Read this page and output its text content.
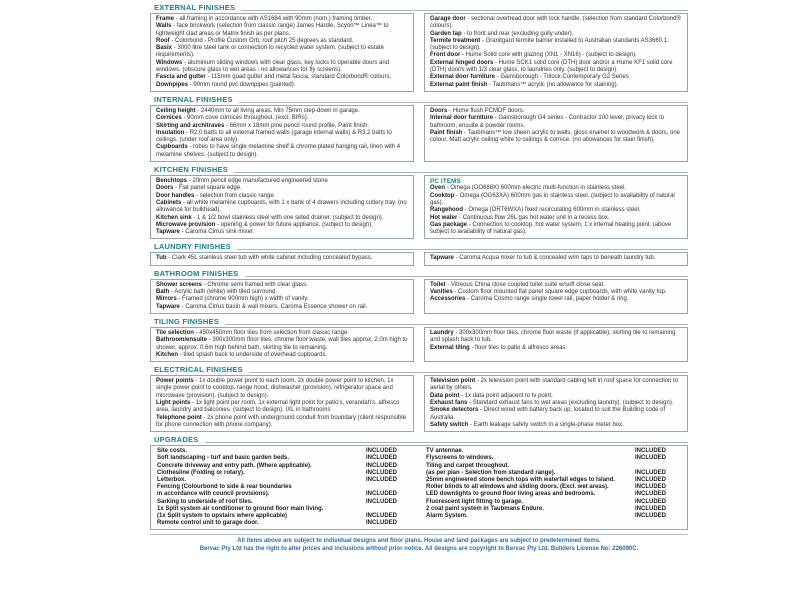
EXTERNAL FINISHES

Frame - all framing in accordance with AS1684 with 90mm (nom.) framing timber.

Walls - face brickwork (selection from classic range) James Hardie, Scyon™ Linea™ to lightweight clad areas or Matrix finish as per plans.

Roof - Colorbond - Profile Custom Orb, roof pitch 25 degrees as standard.

Basix - 3000 litre steel tank or connection to recycled water system. (subject to estate requirements).

Windows - aluminium sliding windows with clear glass, key locks to operable doors and windows. (obscure glass to wet areas - no allowances for fly screens).

Fascia and gutter - 115mm quad gutter and metal fascia, standard Colorbond® colours.

Downpipes - 90mm round pvc downpipes (painted).

Garage door - sectional overhead door with lock handle. (selection from standard Colorbond® colours).

Garden tap - to front and rear (excluding gully under).

Termite treatment - Granitgard termite barrier installed to Australian standards AS3660.1. (subject to design).

Front door - Hume Solid core with glazing (XN1 - XN16) - (subject to design).

External hinged doors - Hume SCK1 solid core (DTH) door and/or a Hume KF1 solid core (DTH) door/s with 1/3 clear glass, to laundries only. (subject to design).

External door furniture - Gainsborough - Trilock Contemporary G2 Series

External paint finish - Taubmans™ acrylic (no allowance for staining).

INTERNAL FINISHES

Ceiling height - 2440mm to all living areas. Min 75mm step-down in garage.

Cornices - 90mm cove cornices throughout. (excl. BIRs).

Skirting and architraves - 66mm x 18mm pine pencil round profile, Paint finish.

Insulation - R2.0 batts to all external framed walls (garage internal walls) & R3.2 batts to ceilings. (under roof area only).

Cupboards - robes to have single melamine shelf & chrome plated hanging rail, linen with 4 melamine shelves. (subject to design).

Doors - Hume flush PCMDF doors.

Internal door furniture - Gainsborough G4 series - Contractor 100 lever, privacy lock to bathroom, ensuite & powder rooms.

Paint finish - Taubmans™ low sheen acrylic to walls, gloss enamel to woodwork & doors, one colour. Matt acrylic ceiling white to ceilings & cornice. (no allowances for stain finish).

KITCHEN FINISHES

Benchtops - 20mm pencil edge manufactured engineered stone

Doors - Flat panel square edge.

Door handles - selection from classic range.

Cabinets - all white melamine cupboards, with 1 x bank of 4 drawers including cutlery tray. (no allowance for bulkhead).

Kitchen sink - 1 & 1/2 bowl stainless steel with one sided drainer. (subject to design).

Microwave provision - opening & power for future appliance. (subject to design).

Tapware - Caroma Cirrus sink mixer.

PC ITEMS

Oven - Omega (OO686X) 600mm electric multi-function in stainless steel.

Cooktop - Omega (OG63XA) 600mm gas in stainless steel. (subject to availability of natural gas).

Rangehood - Omega (ORT6WXA) fixed recirculating 600mm in stainless steel.

Hot water - Continuous flow 26L gas hot water unit in a recess box.

Gas package - Connection to cooktop, hot water system, 1 x internal heating point. (above subject to availability of natural gas).

LAUNDRY FINISHES

Tub - Clark 45L stainless steel tub with white cabinet including concealed bypass.	Tapware - Caroma Acqua mixer to tub & concealed w/m taps to beneath laundry tub.

BATHROOM FINISHES

Shower screens - Chrome semi framed with clear glass.

Bath - Acrylic bath (white) with tiled surround.

Mirrors - Framed (chrome 900mm high) x width of vanity.

Tapware - Caroma Cirrus basin & wall mixers, Caroma Essence shower on rail.

Toilet - Vitreous China close coupled toilet suite w/soft close seat.

Vanities - Custom floor mounted flat panel square edge cupboards, with white vanity top.

Accessories - Caroma Cosmo range single towel rail, paper holder & ring.

TILING FINISHES

Tile selection - 450x450mm floor tiles from selection from classic range.

Bathroom/ensuite - 300x300mm floor tiles, chrome floor waste, wall tiles approx. 2.0m high to shower, approx. 0.6m high behind bath, skirting tile to remaining.

Kitchen - tiled splash back to underside of overhead cupboards.

Laundry - 300x300mm floor tiles, chrome floor waste (if applicable), skirting tile to remaining and splash back to tub.

External tiling - floor tiles to patio & alfresco areas.

ELECTRICAL FINISHES

Power points - 1x double power point to each room, 2x double power point to kitchen, 1x single power point to cooktop, range hood, dishwasher (provision), refrigerator space and microwave (provision). (subject to design).

Light points - 1x light point per room, 1x external light point for patio's, verandah's, alfresco area, laundry and balconies. (subject to design). IXL in bathrooms

Telephone point - 2x phone point with underground conduit from boundary (client responsible for phone connection with phone company).

Television point - 2x television point with standard cabling left in roof space for connection to aerial by others.

Data point - 1x data point adjacent to tv point.

Exhaust fans - Standard exhaust fans to wet areas (excluding laundry). (subject to design).

Smoke detectors - Direct wired with battery back up, located to suit the Building code of Australia.

Safety switch - Earth leakage safety switch in a single-phase meter box.

UPGRADES
Site costs.	INCLUDED
Soft landscaping - turf and basic garden beds.	INCLUDED
Concrete driveway and entry path. (Where applicable).	INCLUDED
Clothesline (Folding or rotary).	INCLUDED
Letterbox.	INCLUDED
Fencing (Colourbond to side & rear boundaries
in accordance with council provisions).	INCLUDED
Sarking to underside of roof tiles.	INCLUDED
1x Split system air conditioner to ground floor main living.
(1x Split system to upstairs where applicable)	INCLUDED
Remote control unit to garage door.	INCLUDED
TV antennae.	INCLUDED
Flyscreens to windows.	INCLUDED
Tiling and carpet throughout.
(as per plan - Selection from standard range).	INCLUDED
25mm engineered stone bench tops with waterfall edges to Island.	INCLUDED
Roller blinds to all windows and sliding doors. (Excl. wet areas).	INCLUDED
LED downlights to ground floor living areas and bedrooms.	INCLUDED
Fluorescent light fitting to garage.	INCLUDED
2 coat paint system in Taubmans Endure.	INCLUDED
Alarm System.	INCLUDED
All items above are subject to individual designs and floor plans. House and land packages are subject to predetermined items.
Bervac Pty Ltd has the right to alter prices and inclusions without prior notice. All designs are copyright to Bervac Pty Ltd. Builders License No: 226090C.
